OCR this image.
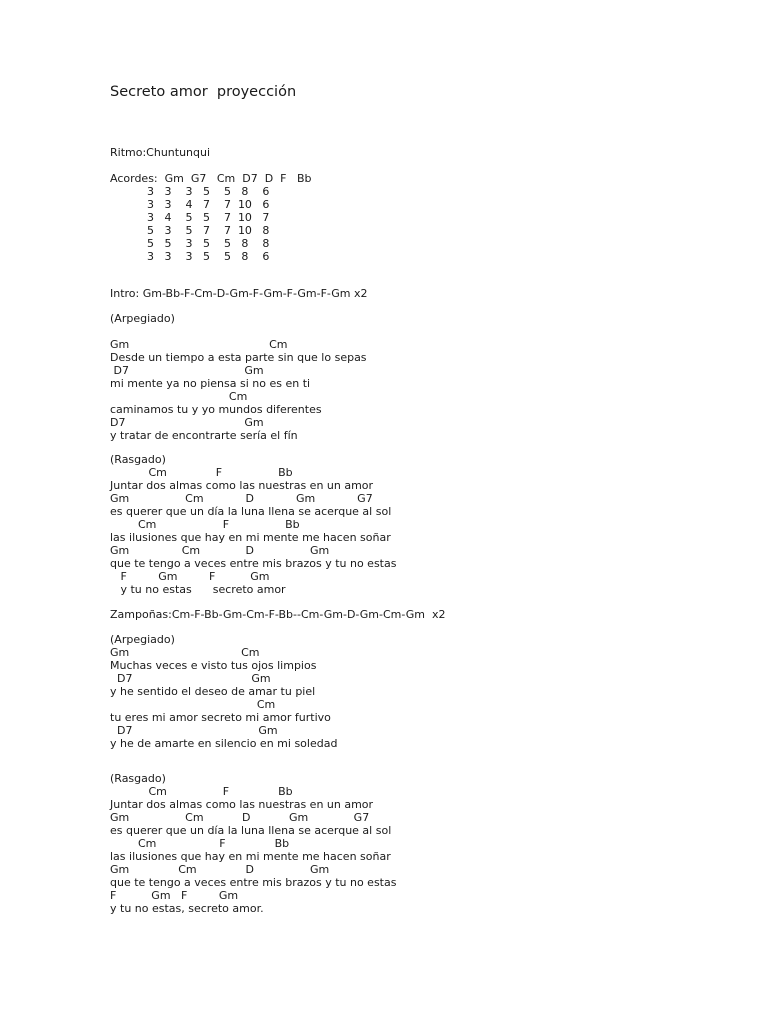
Secreto amor  proyección

Ritmo:Chuntunqui

Acordes:  Gm  G7   Cm  D7  D  F   Bb

3   3    3   5    5   8    6

3   3    4   7    7  10   6

3   4    5   5    7  10   7

5   3    5   7    7  10   8

5   5    3   5    5   8    8

3   3    3   5    5   8    6

Intro: Gm-Bb-F-Cm-D-Gm-F-Gm-F-Gm-F-Gm x2

(Arpegiado)

Gm                                        Cm

Desde un tiempo a esta parte sin que lo sepas

D7                                 Gm

mi mente ya no piensa si no es en ti

Cm

caminamos tu y yo mundos diferentes

D7                                  Gm

y tratar de encontrarte sería el fín

(Rasgado)

Cm              F                Bb

Juntar dos almas como las nuestras en un amor

Gm                Cm            D            Gm            G7

es querer que un día la luna llena se acerque al sol

Cm                   F                Bb

las ilusiones que hay en mi mente me hacen soñar

Gm               Cm             D                Gm

que te tengo a veces entre mis brazos y tu no estas

F         Gm         F          Gm

y tu no estas      secreto amor

Zampoñas:Cm-F-Bb-Gm-Cm-F-Bb--Cm-Gm-D-Gm-Cm-Gm  x2

(Arpegiado)

Gm                                Cm

Muchas veces e visto tus ojos limpios

D7                                  Gm

y he sentido el deseo de amar tu piel

Cm

tu eres mi amor secreto mi amor furtivo

D7                                    Gm

y he de amarte en silencio en mi soledad

(Rasgado)

Cm                F              Bb

Juntar dos almas como las nuestras en un amor

Gm                Cm           D           Gm             G7

es querer que un día la luna llena se acerque al sol

Cm                  F              Bb

las ilusiones que hay en mi mente me hacen soñar

Gm              Cm              D                Gm

que te tengo a veces entre mis brazos y tu no estas

F          Gm   F         Gm

y tu no estas, secreto amor.
